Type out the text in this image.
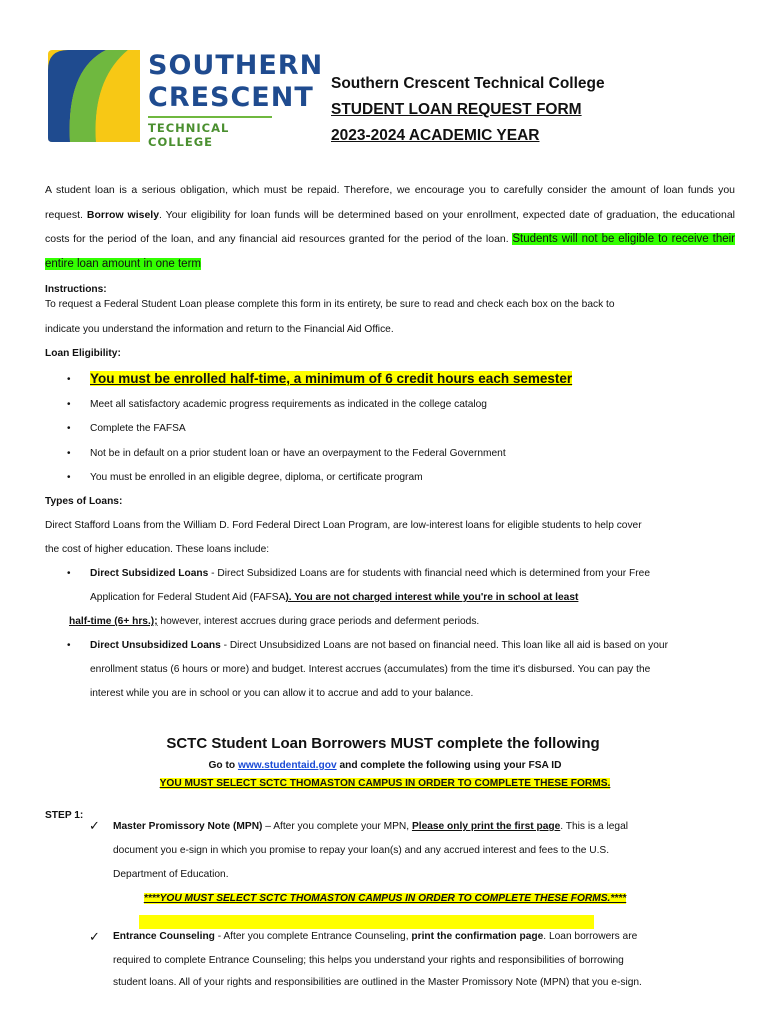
SOUTHERN
CRESCENT
TECHNICAL COLLEGE
Southern Crescent Technical College
STUDENT LOAN REQUEST FORM
2023-2024 ACADEMIC YEAR
A student loan is a serious obligation, which must be repaid. Therefore, we encourage you to carefully consider the amount of loan funds you request. Borrow wisely. Your eligibility for loan funds will be determined based on your enrollment, expected date of graduation, the educational costs for the period of the loan, and any financial aid resources granted for the period of the loan. Students will not be eligible to receive their entire loan amount in one term
Instructions:
To request a Federal Student Loan please complete this form in its entirety, be sure to read and check each box on the back to
indicate you understand the information and return to the Financial Aid Office.
Loan Eligibility:
• You must be enrolled half-time, a minimum of 6 credit hours each semester
• Meet all satisfactory academic progress requirements as indicated in the college catalog
• Complete the FAFSA
• Not be in default on a prior student loan or have an overpayment to the Federal Government
• You must be enrolled in an eligible degree, diploma, or certificate program
Types of Loans:
Direct Stafford Loans from the William D. Ford Federal Direct Loan Program, are low-interest loans for eligible students to help cover
the cost of higher education. These loans include:
• Direct Subsidized Loans - Direct Subsidized Loans are for students with financial need which is determined from your Free
Application for Federal Student Aid (FAFSA). You are not charged interest while you're in school at least
half-time (6+ hrs.); however, interest accrues during grace periods and deferment periods.
• Direct Unsubsidized Loans - Direct Unsubsidized Loans are not based on financial need. This loan like all aid is based on your
enrollment status (6 hours or more) and budget. Interest accrues (accumulates) from the time it's disbursed. You can pay the
interest while you are in school or you can allow it to accrue and add to your balance.
SCTC Student Loan Borrowers MUST complete the following
Go to www.studentaid.gov and complete the following using your FSA ID
YOU MUST SELECT SCTC THOMASTON CAMPUS IN ORDER TO COMPLETE THESE FORMS.
STEP 1:
✓ Master Promissory Note (MPN) – After you complete your MPN, Please only print the first page. This is a legal
document you e-sign in which you promise to repay your loan(s) and any accrued interest and fees to the U.S.
Department of Education.
****YOU MUST SELECT SCTC THOMASTON CAMPUS IN ORDER TO COMPLETE THESE FORMS.****
✓ Entrance Counseling - After you complete Entrance Counseling, print the confirmation page. Loan borrowers are
required to complete Entrance Counseling; this helps you understand your rights and responsibilities of borrowing
student loans. All of your rights and responsibilities are outlined in the Master Promissory Note (MPN) that you e-sign.
